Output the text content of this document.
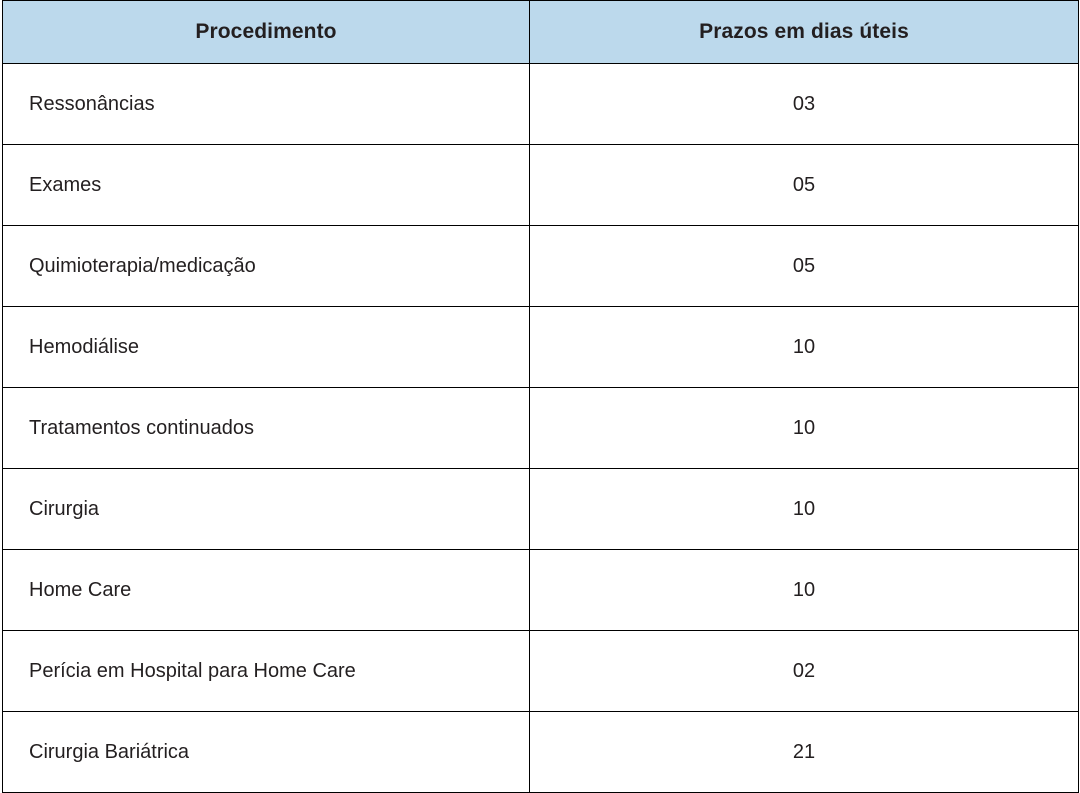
Procedimento	Prazos em dias úteis
Ressonâncias	03
Exames	05
Quimioterapia/medicação	05
Hemodiálise	10
Tratamentos continuados	10
Cirurgia	10
Home Care	10
Perícia em Hospital para Home Care	02
Cirurgia Bariátrica	21
